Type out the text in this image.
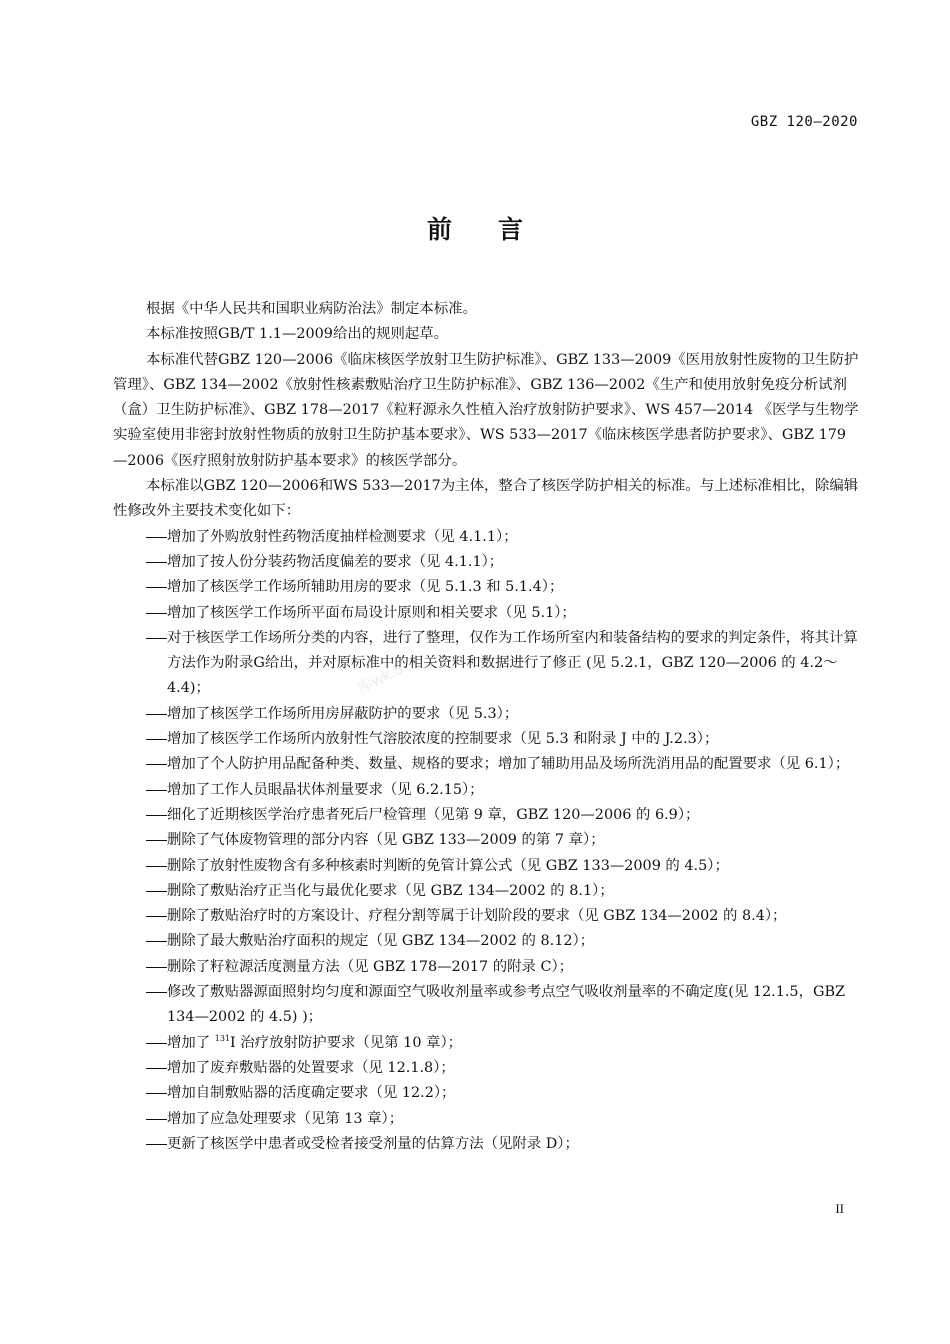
GBZ 120—2020
前言

根据《中华人民共和国职业病防治法》制定本标准。

本标准按照GB/T 1.1—2009给出的规则起草。

本标准代替GBZ 120—2006《临床核医学放射卫生防护标准》、GBZ 133—2009《医用放射性废物的卫生防护管理》、GBZ 134—2002《放射性核素敷贴治疗卫生防护标准》、GBZ 136—2002《生产和使用放射免疫分析试剂（盒）卫生防护标准》、GBZ 178—2017《粒籽源永久性植入治疗放射防护要求》、WS 457—2014 《医学与生物学实验室使用非密封放射性物质的放射卫生防护基本要求》、WS 533—2017《临床核医学患者防护要求》、GBZ 179—2006《医疗照射放射防护基本要求》的核医学部分。

本标准以GBZ 120—2006和WS 533—2017为主体，整合了核医学防护相关的标准。与上述标准相比，除编辑性修改外主要技术变化如下：

增加了外购放射性药物活度抽样检测要求（见 4.1.1）；

增加了按人份分装药物活度偏差的要求（见 4.1.1）；

增加了核医学工作场所辅助用房的要求（见 5.1.3 和 5.1.4）；

增加了核医学工作场所平面布局设计原则和相关要求（见 5.1）；

对于核医学工作场所分类的内容，进行了整理，仅作为工作场所室内和装备结构的要求的判定条件，将其计算方法作为附录G给出，并对原标准中的相关资料和数据进行了修正 (见 5.2.1，GBZ 120—2006 的 4.2～4.4)；

增加了核医学工作场所用房屏蔽防护的要求（见 5.3）；

增加了核医学工作场所内放射性气溶胶浓度的控制要求（见 5.3 和附录 J 中的 J.2.3）；

增加了个人防护用品配备种类、数量、规格的要求；增加了辅助用品及场所洗消用品的配置要求（见 6.1）；

增加了工作人员眼晶状体剂量要求（见 6.2.15）；

细化了近期核医学治疗患者死后尸检管理（见第 9 章，GBZ 120—2006 的 6.9）；

删除了气体废物管理的部分内容（见 GBZ 133—2009 的第 7 章）；

删除了放射性废物含有多种核素时判断的免管计算公式（见 GBZ 133—2009 的 4.5）；

删除了敷贴治疗正当化与最优化要求（见 GBZ 134—2002 的 8.1）；

删除了敷贴治疗时的方案设计、疗程分割等属于计划阶段的要求（见 GBZ 134—2002 的 8.4）；

删除了最大敷贴治疗面积的规定（见 GBZ 134—2002 的 8.12）；

删除了籽粒源活度测量方法（见 GBZ 178—2017 的附录 C）；

修改了敷贴器源面照射均匀度和源面空气吸收剂量率或参考点空气吸收剂量率的不确定度(见 12.1.5，GBZ 134—2002 的 4.5) )；

增加了 $^{131}$I 治疗放射防护要求（见第 10 章）；

增加了废弃敷贴器的处置要求（见 12.1.8）；

增加自制敷贴器的活度确定要求（见 12.2）；

增加了应急处理要求（见第 13 章）；

更新了核医学中患者或受检者接受剂量的估算方法（见附录 D）；

库wk.5
II
